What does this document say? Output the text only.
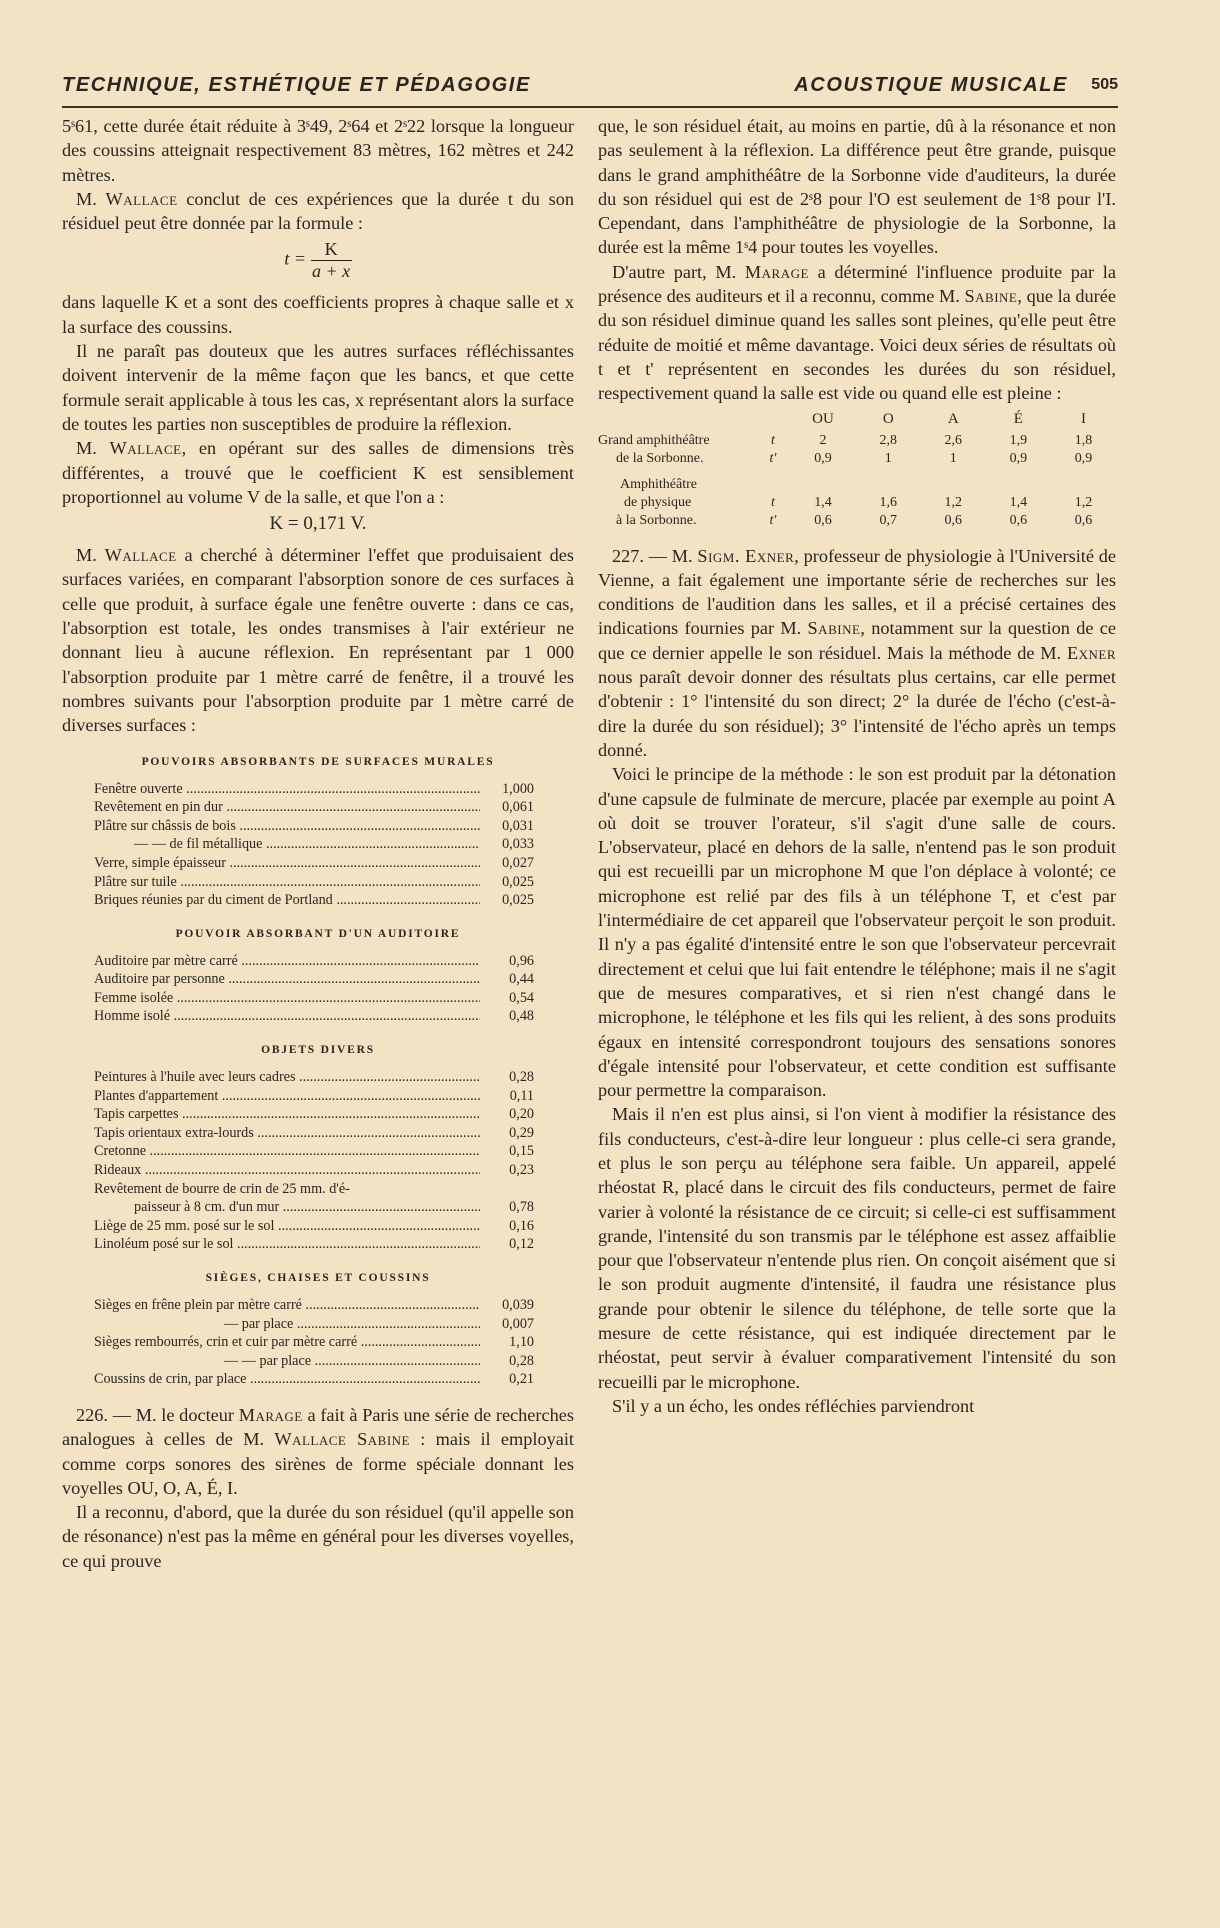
TECHNIQUE, ESTHÉTIQUE ET PÉDAGOGIE	ACOUSTIQUE MUSICALE 505

5ˢ61, cette durée était réduite à 3ˢ49, 2ˢ64 et 2ˢ22 lorsque la longueur des coussins atteignait respectivement 83 mètres, 162 mètres et 242 mètres.

M. Wallace conclut de ces expériences que la durée t du son résiduel peut être donnée par la formule :

$t = \frac{K}{a + x}$

dans laquelle K et a sont des coefficients propres à chaque salle et x la surface des coussins.

Il ne paraît pas douteux que les autres surfaces réfléchissantes doivent intervenir de la même façon que les bancs, et que cette formule serait applicable à tous les cas, x représentant alors la surface de toutes les parties non susceptibles de produire la réflexion.

M. Wallace, en opérant sur des salles de dimensions très différentes, a trouvé que le coefficient K est sensiblement proportionnel au volume V de la salle, et que l'on a :

K = 0,171 V.

M. Wallace a cherché à déterminer l'effet que produisaient des surfaces variées, en comparant l'absorption sonore de ces surfaces à celle que produit, à surface égale une fenêtre ouverte : dans ce cas, l'absorption est totale, les ondes transmises à l'air extérieur ne donnant lieu à aucune réflexion. En représentant par 1 000 l'absorption produite par 1 mètre carré de fenêtre, il a trouvé les nombres suivants pour l'absorption produite par 1 mètre carré de diverses surfaces :

POUVOIRS ABSORBANTS DE SURFACES MURALES
Fenêtre ouverte .....	1,000
Revêtement en pin dur .....	0,061
Plâtre sur châssis de bois .....	0,031
— — de fil métallique .....	0,033
Verre, simple épaisseur .....	0,027
Plâtre sur tuile .....	0,025
Briques réunies par du ciment de Portland .....	0,025
POUVOIR ABSORBANT D'UN AUDITOIRE
Auditoire par mètre carré .....	0,96
Auditoire par personne .....	0,44
Femme isolée .....	0,54
Homme isolé .....	0,48
OBJETS DIVERS
Peintures à l'huile avec leurs cadres .....	0,28
Plantes d'appartement .....	0,11
Tapis carpettes .....	0,20
Tapis orientaux extra-lourds .....	0,29
Cretonne .....	0,15
Rideaux .....	0,23
Revêtement de bourre de crin de 25 mm. d'é-
paisseur à 8 cm. d'un mur .....	0,78
Liège de 25 mm. posé sur le sol .....	0,16
Linoléum posé sur le sol .....	0,12
SIÈGES, CHAISES ET COUSSINS
Sièges en frêne plein par mètre carré .....	0,039
— par place .....	0,007
Sièges rembourrés, crin et cuir par mètre carré .....	1,10
— — par place .....	0,28
Coussins de crin, par place .....	0,21

226. — M. le docteur Marage a fait à Paris une série de recherches analogues à celles de M. Wallace Sabine : mais il employait comme corps sonores des sirènes de forme spéciale donnant les voyelles OU, O, A, É, I.

Il a reconnu, d'abord, que la durée du son résiduel (qu'il appelle son de résonance) n'est pas la même en général pour les diverses voyelles, ce qui prouve

que, le son résiduel était, au moins en partie, dû à la résonance et non pas seulement à la réflexion. La différence peut être grande, puisque dans le grand amphithéâtre de la Sorbonne vide d'auditeurs, la durée du son résiduel qui est de 2ˢ8 pour l'O est seulement de 1ˢ8 pour l'I. Cependant, dans l'amphithéâtre de physiologie de la Sorbonne, la durée est la même 1ˢ4 pour toutes les voyelles.

D'autre part, M. Marage a déterminé l'influence produite par la présence des auditeurs et il a reconnu, comme M. Sabine, que la durée du son résiduel diminue quand les salles sont pleines, qu'elle peut être réduite de moitié et même davantage. Voici deux séries de résultats où t et t' représentent en secondes les durées du son résiduel, respectivement quand la salle est vide ou quand elle est pleine :

		OU	O	A	É	I
Grand amphithéâtre	t	2	2,8	2,6	1,9	1,8
de la Sorbonne.	t'	0,9	1	1	0,9	0,9

Amphithéâtre						
de physique	t	1,4	1,6	1,2	1,4	1,2
à la Sorbonne.	t'	0,6	0,7	0,6	0,6	0,6

227. — M. Sigm. Exner, professeur de physiologie à l'Université de Vienne, a fait également une importante série de recherches sur les conditions de l'audition dans les salles, et il a précisé certaines des indications fournies par M. Sabine, notamment sur la question de ce que ce dernier appelle le son résiduel. Mais la méthode de M. Exner nous paraît devoir donner des résultats plus certains, car elle permet d'obtenir : 1° l'intensité du son direct; 2° la durée de l'écho (c'est-à-dire la durée du son résiduel); 3° l'intensité de l'écho après un temps donné.

Voici le principe de la méthode : le son est produit par la détonation d'une capsule de fulminate de mercure, placée par exemple au point A où doit se trouver l'orateur, s'il s'agit d'une salle de cours. L'observateur, placé en dehors de la salle, n'entend pas le son produit qui est recueilli par un microphone M que l'on déplace à volonté; ce microphone est relié par des fils à un téléphone T, et c'est par l'intermédiaire de cet appareil que l'observateur perçoit le son produit. Il n'y a pas égalité d'intensité entre le son que l'observateur percevrait directement et celui que lui fait entendre le téléphone; mais il ne s'agit que de mesures comparatives, et si rien n'est changé dans le microphone, le téléphone et les fils qui les relient, à des sons produits égaux en intensité correspondront toujours des sensations sonores d'égale intensité pour l'observateur, et cette condition est suffisante pour permettre la comparaison.

Mais il n'en est plus ainsi, si l'on vient à modifier la résistance des fils conducteurs, c'est-à-dire leur longueur : plus celle-ci sera grande, et plus le son perçu au téléphone sera faible. Un appareil, appelé rhéostat R, placé dans le circuit des fils conducteurs, permet de faire varier à volonté la résistance de ce circuit; si celle-ci est suffisamment grande, l'intensité du son transmis par le téléphone est assez affaiblie pour que l'observateur n'entende plus rien. On conçoit aisément que si le son produit augmente d'intensité, il faudra une résistance plus grande pour obtenir le silence du téléphone, de telle sorte que la mesure de cette résistance, qui est indiquée directement par le rhéostat, peut servir à évaluer comparativement l'intensité du son recueilli par le microphone.

S'il y a un écho, les ondes réfléchies parviendront
